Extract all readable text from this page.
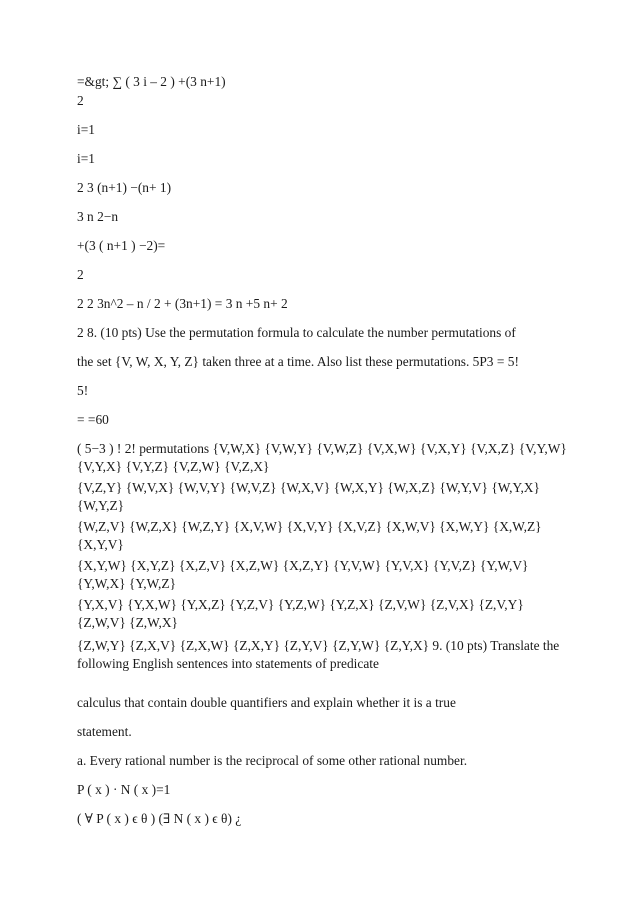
=&gt; ∑ ( 3 i – 2 ) +(3 n+1)
2
i=1
i=1
2 3 (n+1) −(n+ 1)
3 n 2−n
+(3 ( n+1 ) −2)=
2
2 2 3n^2 – n / 2 + (3n+1) = 3 n +5 n+ 2
2 8. (10 pts) Use the permutation formula to calculate the number permutations of
the set {V, W, X, Y, Z} taken three at a time. Also list these permutations. 5P3 = 5!
5!
= =60
( 5−3 ) ! 2! permutations {V,W,X} {V,W,Y} {V,W,Z} {V,X,W} {V,X,Y} {V,X,Z} {V,Y,W} {V,Y,X} {V,Y,Z} {V,Z,W} {V,Z,X}
{V,Z,Y} {W,V,X} {W,V,Y} {W,V,Z} {W,X,V} {W,X,Y} {W,X,Z} {W,Y,V} {W,Y,X} {W,Y,Z}
{W,Z,V} {W,Z,X} {W,Z,Y} {X,V,W} {X,V,Y} {X,V,Z} {X,W,V} {X,W,Y} {X,W,Z} {X,Y,V}
{X,Y,W} {X,Y,Z} {X,Z,V} {X,Z,W} {X,Z,Y} {Y,V,W} {Y,V,X} {Y,V,Z} {Y,W,V} {Y,W,X} {Y,W,Z}
{Y,X,V} {Y,X,W} {Y,X,Z} {Y,Z,V} {Y,Z,W} {Y,Z,X} {Z,V,W} {Z,V,X} {Z,V,Y} {Z,W,V} {Z,W,X}
{Z,W,Y} {Z,X,V} {Z,X,W} {Z,X,Y} {Z,Y,V} {Z,Y,W} {Z,Y,X} 9. (10 pts) Translate the following English sentences into statements of predicate
calculus that contain double quantifiers and explain whether it is a true
statement.
a. Every rational number is the reciprocal of some other rational number.
P ( x ) · N ( x )=1
( ∀ P ( x ) ϵ θ ) (∃ N ( x ) ϵ θ) ¿
